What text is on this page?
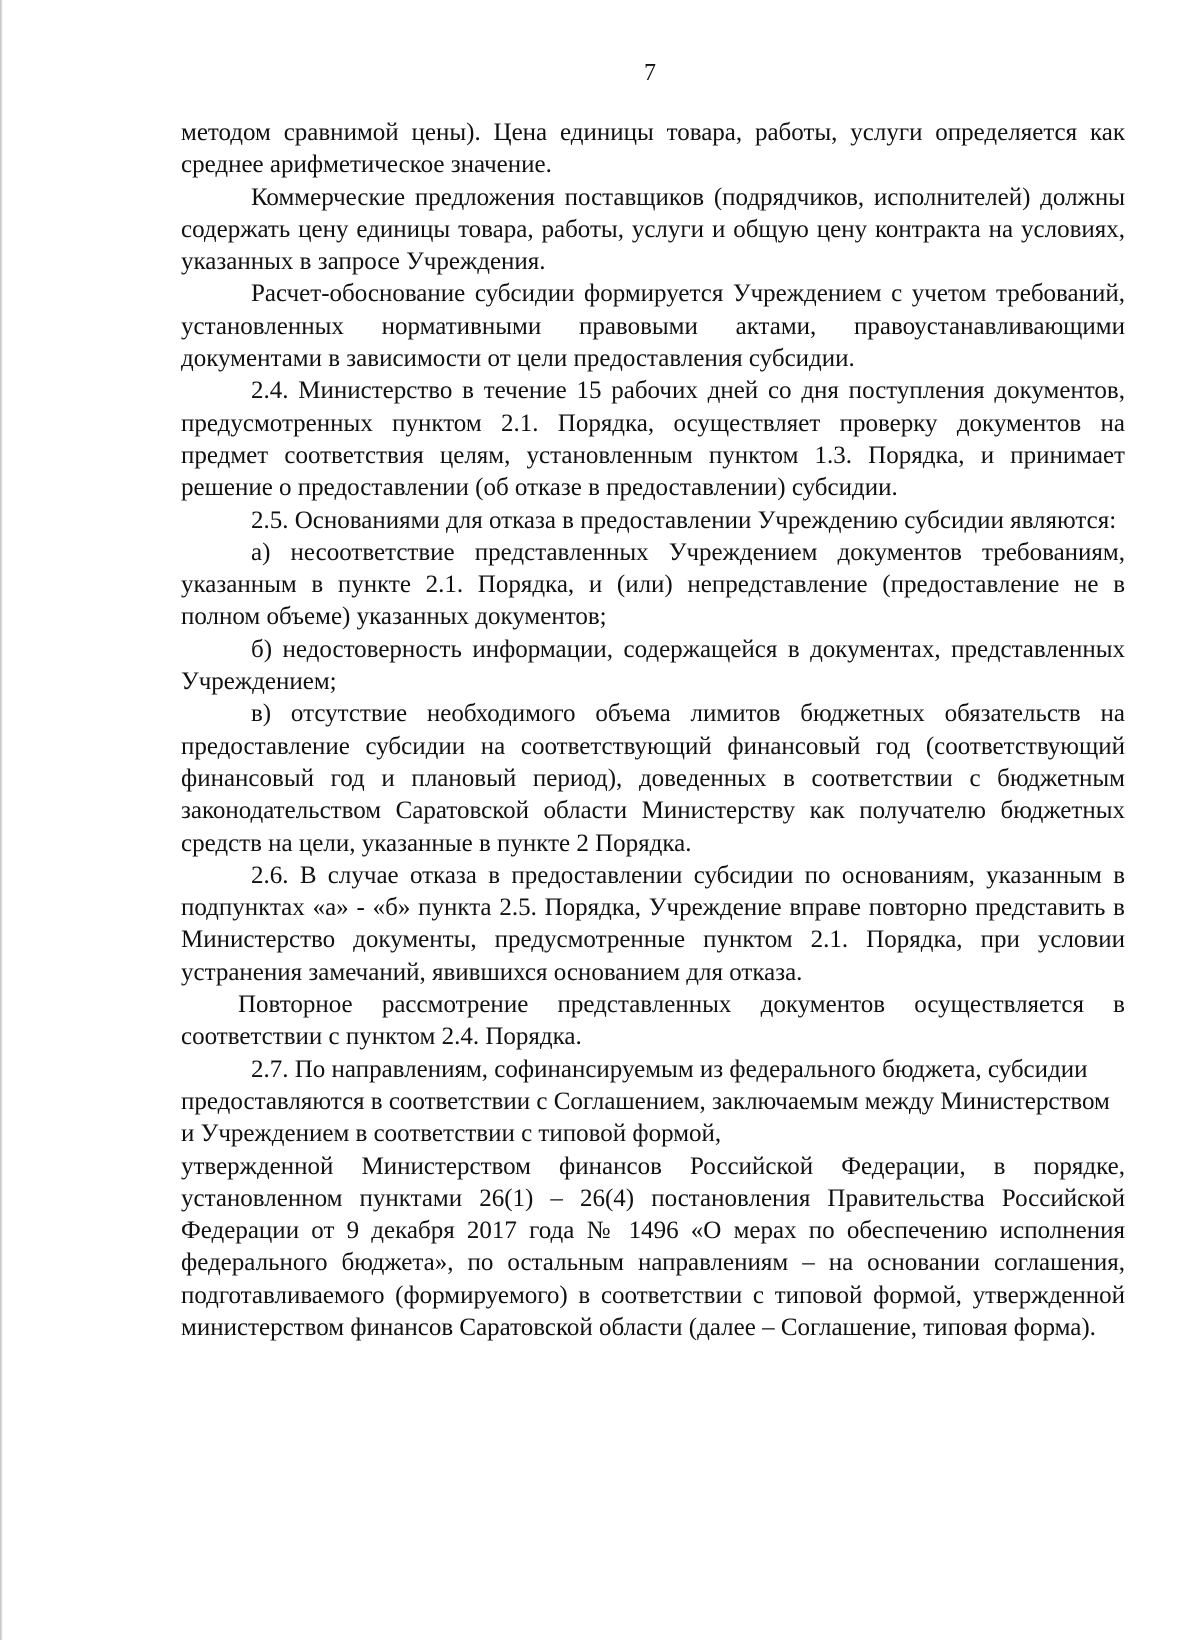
7

методом сравнимой цены). Цена единицы товара, работы, услуги определяется как среднее арифметическое значение.

Коммерческие предложения поставщиков (подрядчиков, исполнителей) должны содержать цену единицы товара, работы, услуги и общую цену контракта на условиях, указанных в запросе Учреждения.

Расчет-обоснование субсидии формируется Учреждением с учетом требований, установленных нормативными правовыми актами, правоустанавливающими документами в зависимости от цели предоставления субсидии.

2.4. Министерство в течение 15 рабочих дней со дня поступления документов, предусмотренных пунктом 2.1. Порядка, осуществляет проверку документов на предмет соответствия целям, установленным пунктом 1.3. Порядка, и принимает решение о предоставлении (об отказе в предоставлении) субсидии.

2.5. Основаниями для отказа в предоставлении Учреждению субсидии являются:

а) несоответствие представленных Учреждением документов требованиям, указанным в пункте 2.1. Порядка, и (или) непредставление (предоставление не в полном объеме) указанных документов;

б) недостоверность информации, содержащейся в документах, представленных Учреждением;

в) отсутствие необходимого объема лимитов бюджетных обязательств на предоставление субсидии на соответствующий финансовый год (соответствующий финансовый год и плановый период), доведенных в соответствии с бюджетным законодательством Саратовской области Министерству как получателю бюджетных средств на цели, указанные в пункте 2 Порядка.

2.6. В случае отказа в предоставлении субсидии по основаниям, указанным в подпунктах «а» - «б» пункта 2.5. Порядка, Учреждение вправе повторно представить в Министерство документы, предусмотренные пунктом 2.1. Порядка, при условии устранения замечаний, явившихся основанием для отказа.

Повторное рассмотрение представленных документов осуществляется в соответствии с пунктом 2.4. Порядка.

2.7. По направлениям, софинансируемым из федерального бюджета, субсидии предоставляются в соответствии с Соглашением, заключаемым между Министерством и Учреждением в соответствии с типовой формой,

утвержденной Министерством финансов Российской Федерации, в порядке, установленном пунктами 26(1) – 26(4) постановления Правительства Российской Федерации от 9 декабря 2017 года № 1496 «О мерах по обеспечению исполнения федерального бюджета», по остальным направлениям – на основании соглашения, подготавливаемого (формируемого) в соответствии с типовой формой, утвержденной министерством финансов Саратовской области (далее – Соглашение, типовая форма).
